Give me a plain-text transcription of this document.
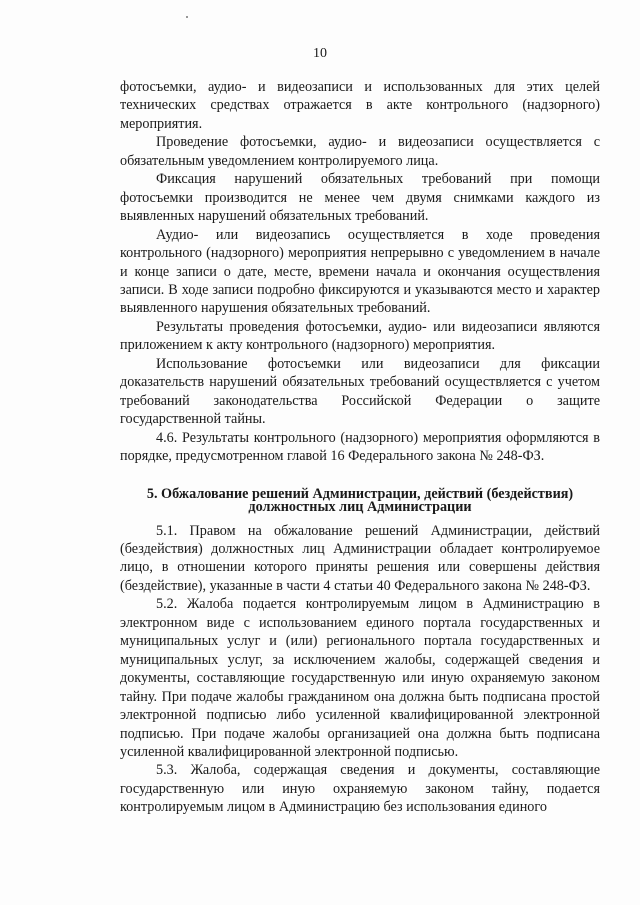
10

фотосъемки, аудио- и видеозаписи и использованных для этих целей технических средствах отражается в акте контрольного (надзорного) мероприятия.

Проведение фотосъемки, аудио- и видеозаписи осуществляется с обязательным уведомлением контролируемого лица.

Фиксация нарушений обязательных требований при помощи фотосъемки производится не менее чем двумя снимками каждого из выявленных нарушений обязательных требований.

Аудио- или видеозапись осуществляется в ходе проведения контрольного (надзорного) мероприятия непрерывно с уведомлением в начале и конце записи о дате, месте, времени начала и окончания осуществления записи. В ходе записи подробно фиксируются и указываются место и характер выявленного нарушения обязательных требований.

Результаты проведения фотосъемки, аудио- или видеозаписи являются приложением к акту контрольного (надзорного) мероприятия.

Использование фотосъемки или видеозаписи для фиксации доказательств нарушений обязательных требований осуществляется с учетом требований законодательства Российской Федерации о защите государственной тайны.

4.6. Результаты контрольного (надзорного) мероприятия оформляются в порядке, предусмотренном главой 16 Федерального закона № 248-ФЗ.

5. Обжалование решений Администрации, действий (бездействия)
должностных лиц Администрации

5.1. Правом на обжалование решений Администрации, действий (бездействия) должностных лиц Администрации обладает контролируемое лицо, в отношении которого приняты решения или совершены действия (бездействие), указанные в части 4 статьи 40 Федерального закона № 248-ФЗ.

5.2. Жалоба подается контролируемым лицом в Администрацию в электронном виде с использованием единого портала государственных и муниципальных услуг и (или) регионального портала государственных и муниципальных услуг, за исключением жалобы, содержащей сведения и документы, составляющие государственную или иную охраняемую законом тайну. При подаче жалобы гражданином она должна быть подписана простой электронной подписью либо усиленной квалифицированной электронной подписью. При подаче жалобы организацией она должна быть подписана усиленной квалифицированной электронной подписью.

5.3. Жалоба, содержащая сведения и документы, составляющие государственную или иную охраняемую законом тайну, подается контролируемым лицом в Администрацию без использования единого
